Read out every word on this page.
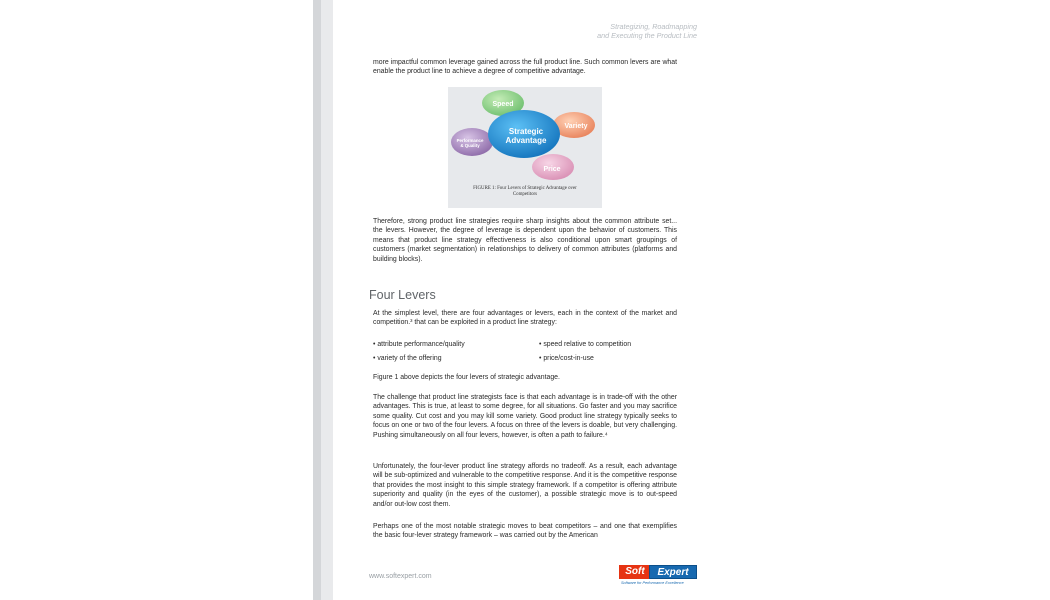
Strategizing, Roadmapping
and Executing the Product Line

more impactful common leverage gained across the full product line. Such common levers are what enable the product line to achieve a degree of competitive advantage.

Speed
Variety
Performance
& Quality
Price
Strategic
Advantage
FIGURE 1: Four Levers of Strategic Advantage over
Competitors

Therefore, strong product line strategies require sharp insights about the common attribute set... the levers. However, the degree of leverage is dependent upon the behavior of customers. This means that product line strategy effectiveness is also conditional upon smart groupings of customers (market segmentation) in relationships to delivery of common attributes (platforms and building blocks).

Four Levers

At the simplest level, there are four advantages or levers, each in the context of the market and competition.³ that can be exploited in a product line strategy:

• attribute performance/quality	• speed relative to competition
• variety of the offering	• price/cost-in-use

Figure 1 above depicts the four levers of strategic advantage.

The challenge that product line strategists face is that each advantage is in trade-off with the other advantages. This is true, at least to some degree, for all situations. Go faster and you may sacrifice some quality. Cut cost and you may kill some variety. Good product line strategy typically seeks to focus on one or two of the four levers. A focus on three of the levers is doable, but very challenging. Pushing simultaneously on all four levers, however, is often a path to failure.⁴

Unfortunately, the four-lever product line strategy affords no tradeoff. As a result, each advantage will be sub-optimized and vulnerable to the competitive response. And it is the competitive response that provides the most insight to this simple strategy framework. If a competitor is offering attribute superiority and quality (in the eyes of the customer), a possible strategic move is to out-speed and/or out-low cost them.

Perhaps one of the most notable strategic moves to beat competitors – and one that exemplifies the basic four-lever strategy framework – was carried out by the American

www.softexpert.com	Soft	Expert
Software for Performance Excellence
